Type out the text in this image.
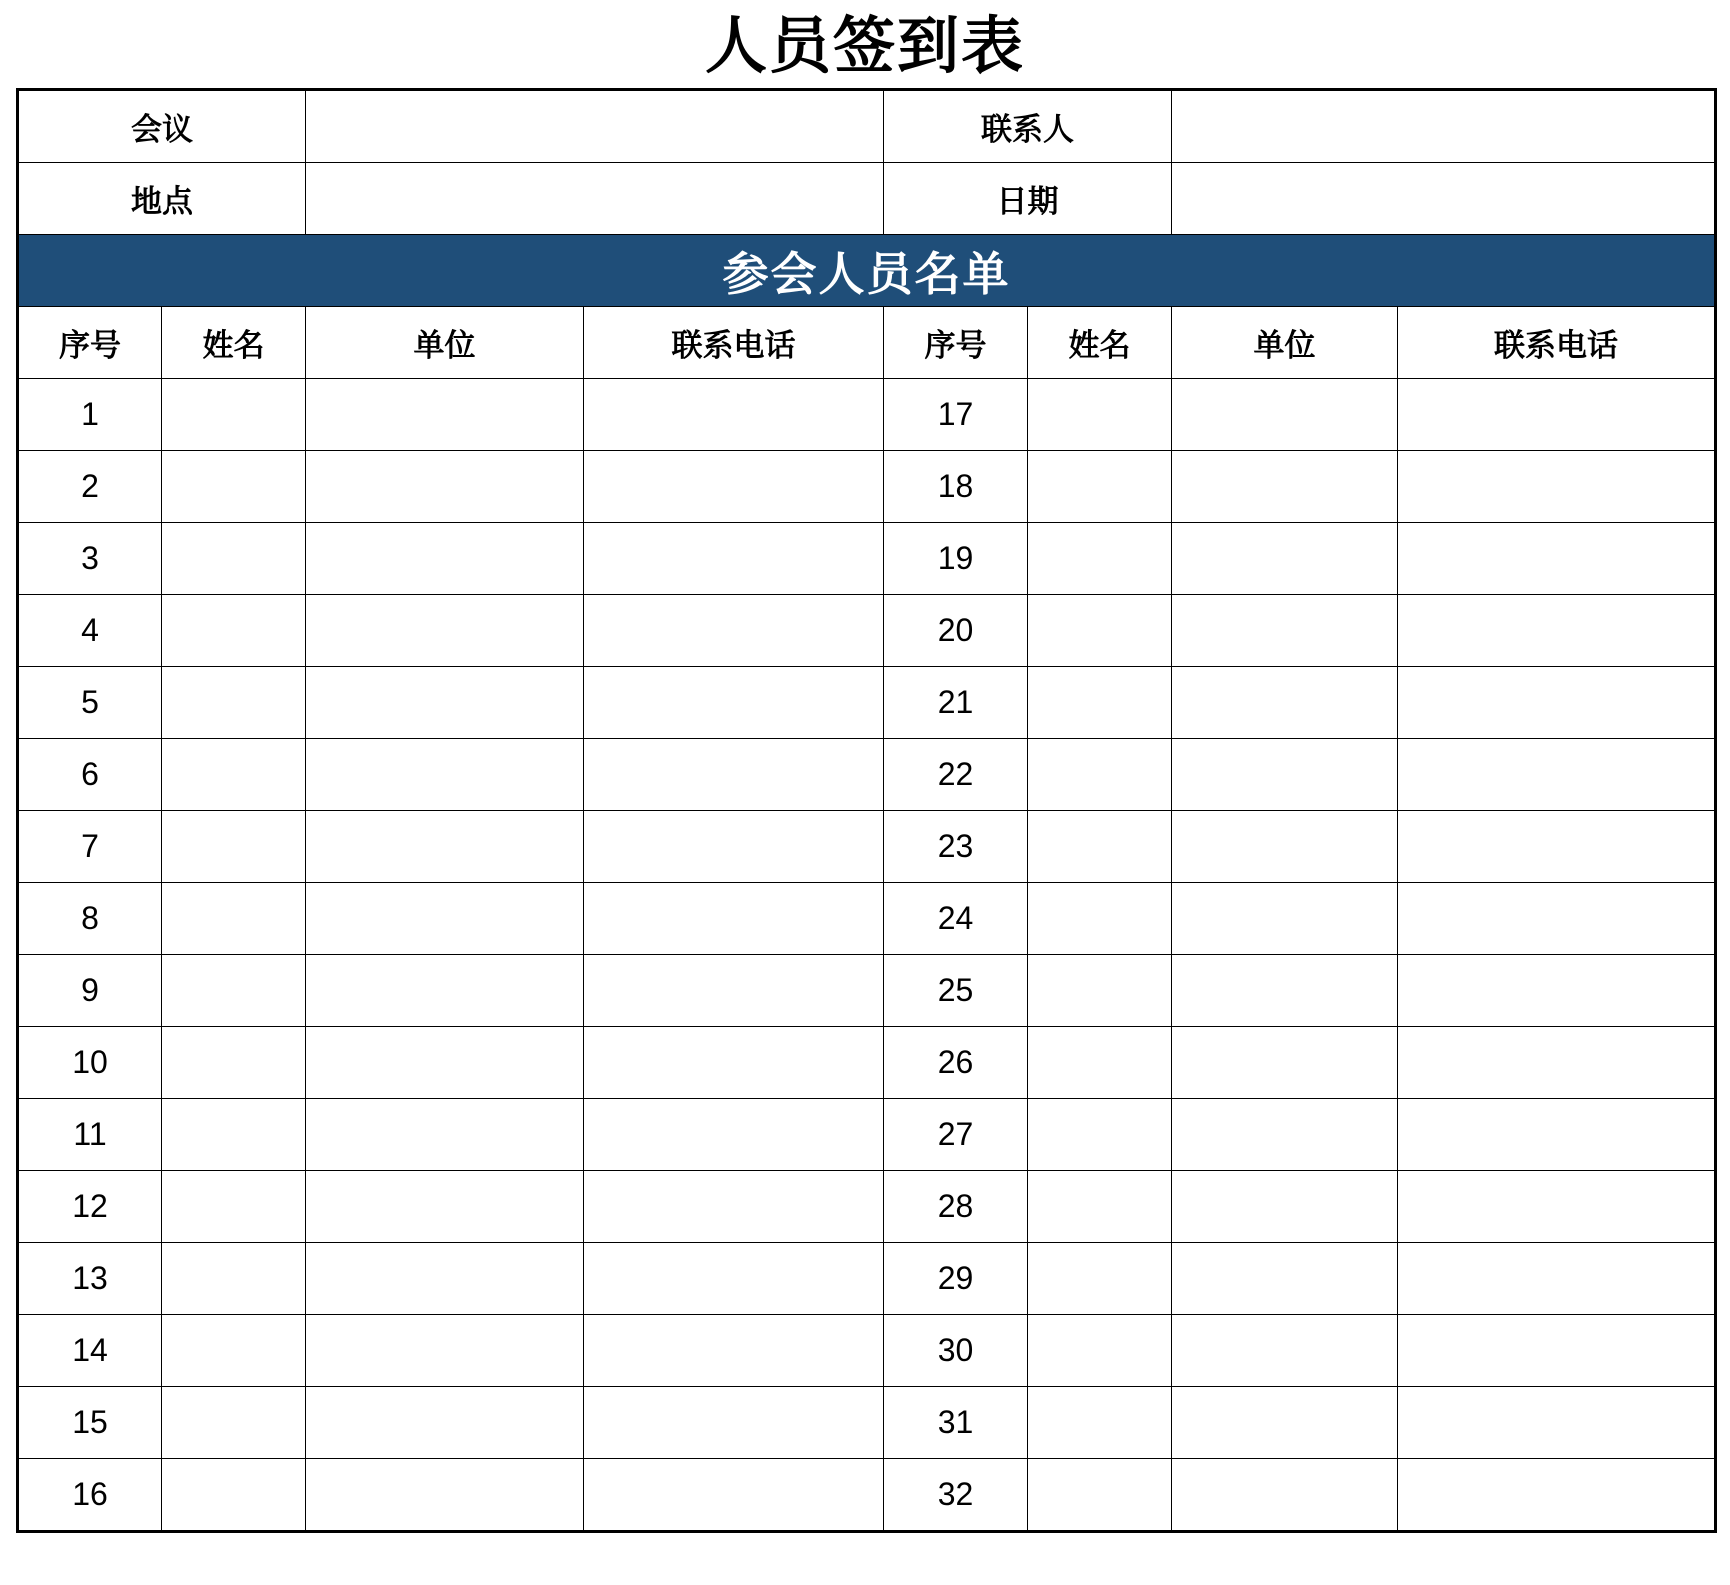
人员签到表
会议				联系人			
地点				日期			
参会人员名单							
序号	姓名	单位	联系电话	序号	姓名	单位	联系电话
1				17			
2				18			
3				19			
4				20			
5				21			
6				22			
7				23			
8				24			
9				25			
10				26			
11				27			
12				28			
13				29			
14				30			
15				31			
16				32			
